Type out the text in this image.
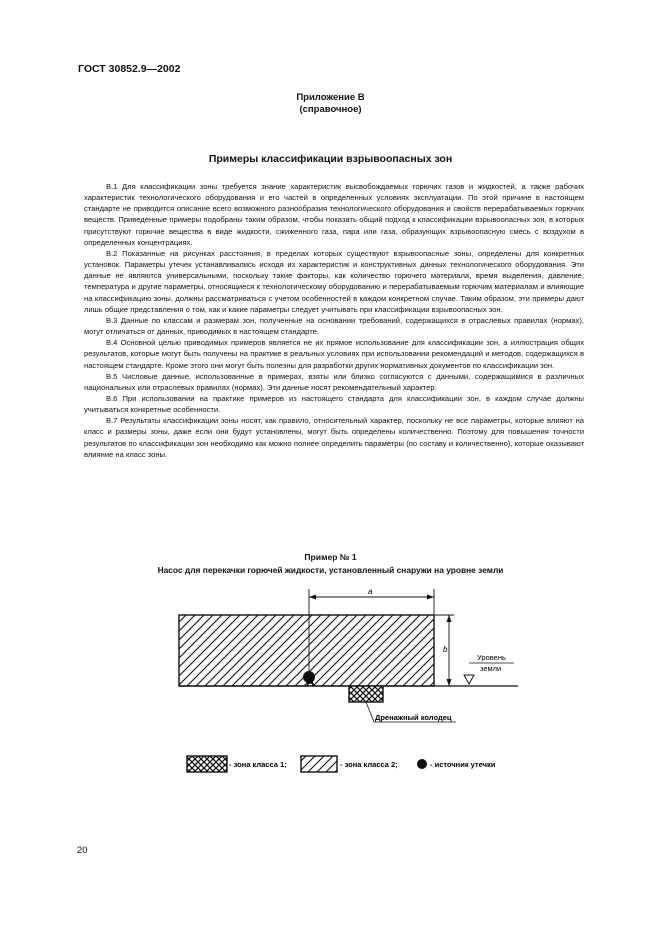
ГОСТ 30852.9—2002
Приложение В
(справочное)
Примеры классификации взрывоопасных зон

В.1 Для классификации зоны требуется знание характеристик высвобождаемых горючих газов и жидкостей, а также рабочих характеристик технологического оборудования и его частей в определенных условиях эксплуатации. По этой причине в настоящем стандарте не приводится описание всего возможного разнообразия технологического оборудования и свойств перерабатываемых горючих веществ. Приведенные примеры подобраны таким образом, чтобы показать общий подход к классификации взрывоопасных зон, в которых присутствуют горючие вещества в виде жидкости, сжиженного газа, пара или газа, образующих взрывоопасную смесь с воздухом в определенных концентрациях.

В.2 Показанные на рисунках расстояния, в пределах которых существуют взрывоопасные зоны, определены для конкретных установок. Параметры утечек устанавливались исходя из характеристик и конструктивных данных технологического оборудования. Эти данные не являются универсальными, поскольку такие факторы, как количество горючего материала, время выделения, давление, температура и другие параметры, относящиеся к технологическому оборудованию и перерабатываемым горючим материалам и влияющие на классификацию зоны, должны рассматриваться с учетом особенностей в каждом конкретном случае. Таким образом, эти примеры дают лишь общие представления о том, как и какие параметры следует учитывать при классификации взрывоопасных зон.

В.3 Данные по классам и размерам зон, полученные на основании требований, содержащихся в отраслевых правилах (нормах), могут отличаться от данных, приводимых в настоящем стандарте.

В.4 Основной целью приводимых примеров является не их прямое использование для классификации зон, а иллюстрация общих результатов, которые могут быть получены на практике в реальных условиях при использовании рекомендаций и методов, содержащихся в настоящем стандарте. Кроме этого они могут быть полезны для разработки других нормативных документов по классификации зон.

В.5 Числовые данные, использованные в примерах, взяты или близко согласуются с данными, содержащимися в различных национальных или отраслевых правилах (нормах). Эти данные носят рекомендательный характер.

В.6 При использовании на практике примеров из настоящего стандарта для классификации зон, в каждом случае должны учитываться конкретные особенности.

В.7 Результаты классификации зоны носят, как правило, относительный характер, поскольку не все параметры, которые влияют на класс и размеры зоны, даже если они будут установлены, могут быть определены количественно. Поэтому для повышения точности результатов по классификации зон необходимо как можно полнее определить параметры (по составу и количественно), которые оказывают влияние на класс зоны.

Пример № 1
Насос для перекачки горючей жидкости, установленный снаружи на уровне земли
A
a
b
Уровень
земли
Дренажный колодец
- зона класса 1;	- зона класса 2;	- источник утечки
20
